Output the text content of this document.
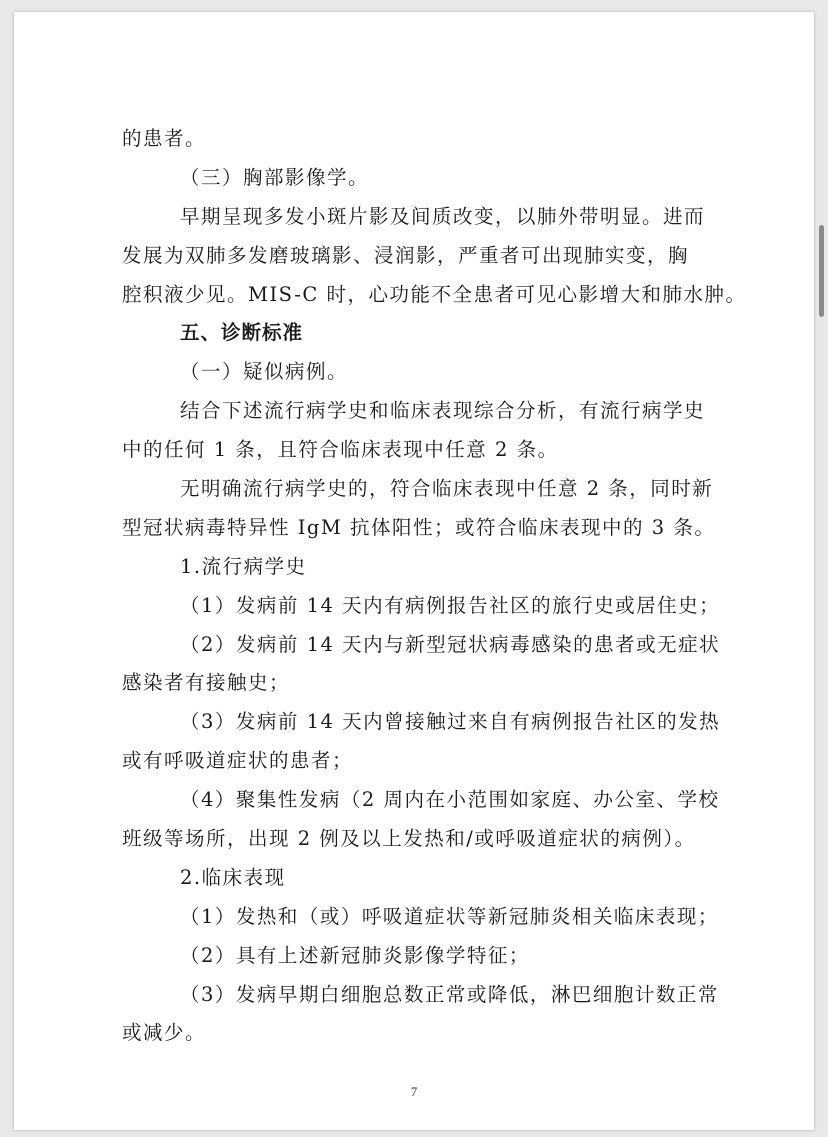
的患者。
（三）胸部影像学。
早期呈现多发小斑片影及间质改变，以肺外带明显。进而
发展为双肺多发磨玻璃影、浸润影，严重者可出现肺实变，胸
腔积液少见。MIS-C 时，心功能不全患者可见心影增大和肺水肿。
五、诊断标准
（一）疑似病例。
结合下述流行病学史和临床表现综合分析，有流行病学史
中的任何 1 条，且符合临床表现中任意 2 条。
无明确流行病学史的，符合临床表现中任意 2 条，同时新
型冠状病毒特异性 IgM 抗体阳性；或符合临床表现中的 3 条。
1.流行病学史
（1）发病前 14 天内有病例报告社区的旅行史或居住史；
（2）发病前 14 天内与新型冠状病毒感染的患者或无症状
感染者有接触史；
（3）发病前 14 天内曾接触过来自有病例报告社区的发热
或有呼吸道症状的患者；
（4）聚集性发病（2 周内在小范围如家庭、办公室、学校
班级等场所，出现 2 例及以上发热和/或呼吸道症状的病例）。
2.临床表现
（1）发热和（或）呼吸道症状等新冠肺炎相关临床表现；
（2）具有上述新冠肺炎影像学特征；
（3）发病早期白细胞总数正常或降低，淋巴细胞计数正常
或减少。
7
